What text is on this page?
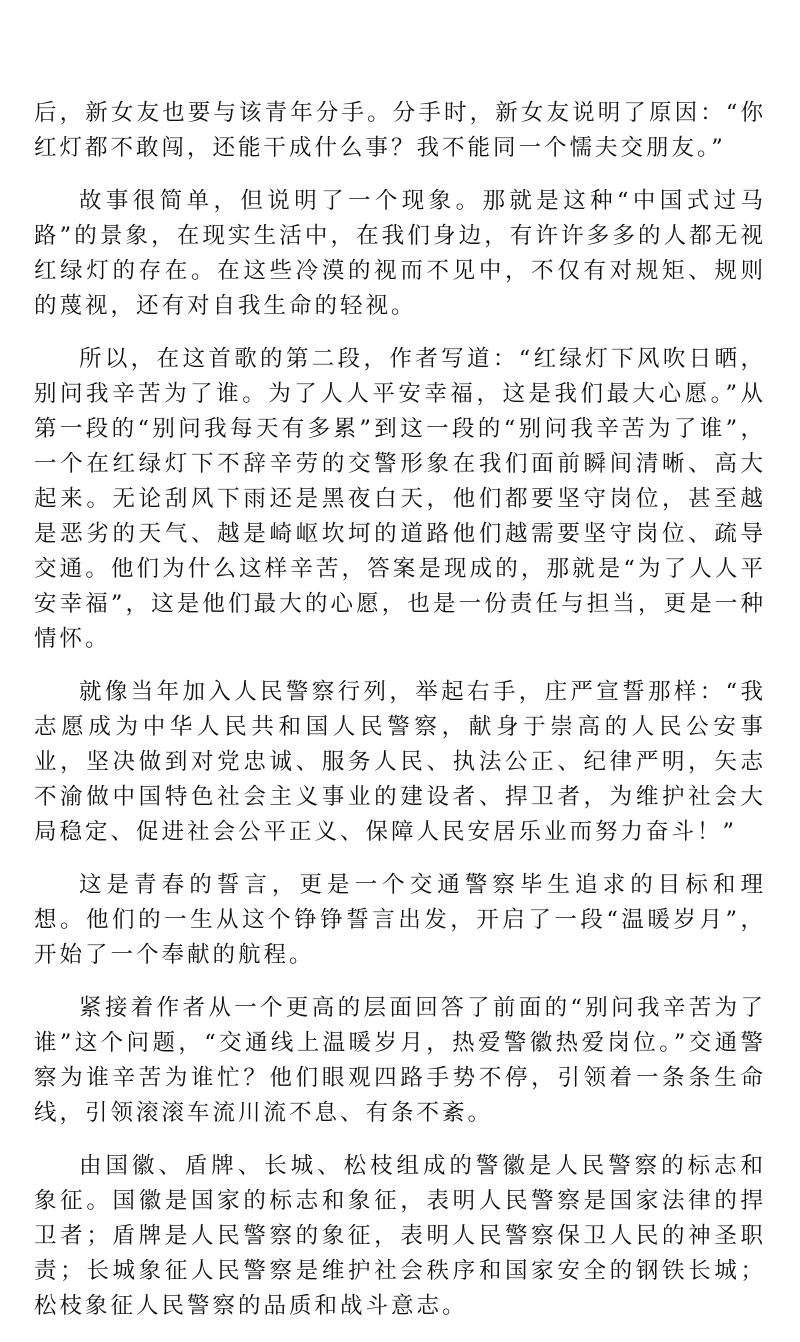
后，新女友也要与该青年分手。分手时，新女友说明了原因：“你红灯都不敢闯，还能干成什么事？我不能同一个懦夫交朋友。”

故事很简单，但说明了一个现象。那就是这种“中国式过马路”的景象，在现实生活中，在我们身边，有许许多多的人都无视红绿灯的存在。在这些冷漠的视而不见中，不仅有对规矩、规则的蔑视，还有对自我生命的轻视。

所以，在这首歌的第二段，作者写道：“红绿灯下风吹日晒，别问我辛苦为了谁。为了人人平安幸福，这是我们最大心愿。”从第一段的“别问我每天有多累”到这一段的“别问我辛苦为了谁”，一个在红绿灯下不辞辛劳的交警形象在我们面前瞬间清晰、高大起来。无论刮风下雨还是黑夜白天，他们都要坚守岗位，甚至越是恶劣的天气、越是崎岖坎坷的道路他们越需要坚守岗位、疏导交通。他们为什么这样辛苦，答案是现成的，那就是“为了人人平安幸福”，这是他们最大的心愿，也是一份责任与担当，更是一种情怀。

就像当年加入人民警察行列，举起右手，庄严宣誓那样：“我志愿成为中华人民共和国人民警察，献身于崇高的人民公安事业，坚决做到对党忠诚、服务人民、执法公正、纪律严明，矢志不渝做中国特色社会主义事业的建设者、捍卫者，为维护社会大局稳定、促进社会公平正义、保障人民安居乐业而努力奋斗！”

这是青春的誓言，更是一个交通警察毕生追求的目标和理想。他们的一生从这个铮铮誓言出发，开启了一段“温暖岁月”，开始了一个奉献的航程。

紧接着作者从一个更高的层面回答了前面的“别问我辛苦为了谁”这个问题，“交通线上温暖岁月，热爱警徽热爱岗位。”交通警察为谁辛苦为谁忙？他们眼观四路手势不停，引领着一条条生命线，引领滚滚车流川流不息、有条不紊。

由国徽、盾牌、长城、松枝组成的警徽是人民警察的标志和象征。国徽是国家的标志和象征，表明人民警察是国家法律的捍卫者；盾牌是人民警察的象征，表明人民警察保卫人民的神圣职责；长城象征人民警察是维护社会秩序和国家安全的钢铁长城；松枝象征人民警察的品质和战斗意志。
